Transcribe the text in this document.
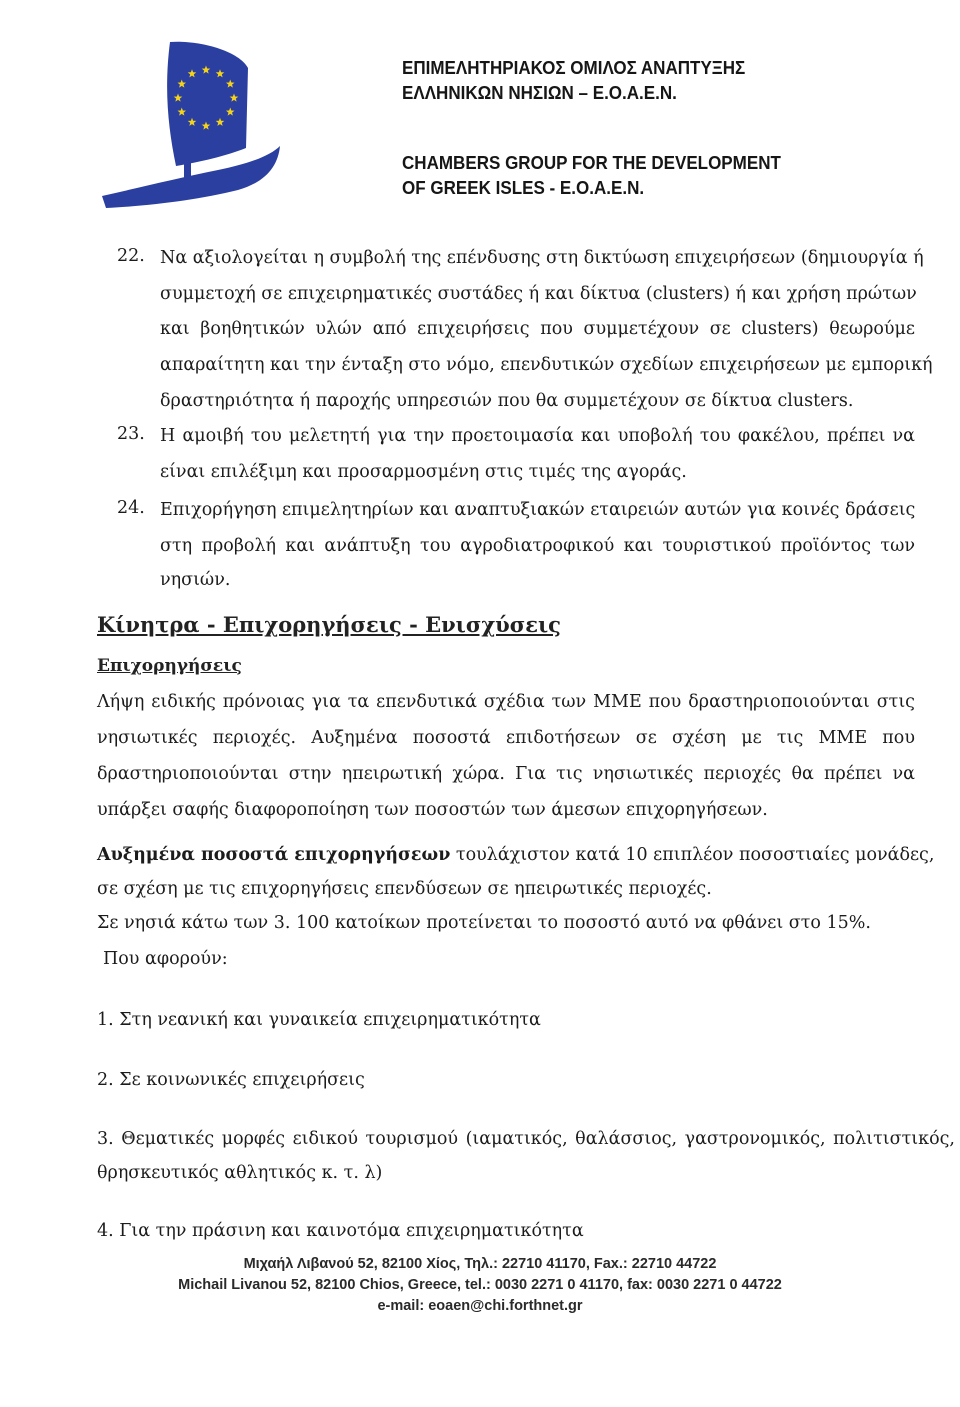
ΕΠΙΜΕΛΗΤΗΡΙΑΚΟΣ ΟΜΙΛΟΣ ΑΝΑΠΤΥΞΗΣ
ΕΛΛΗΝΙΚΩΝ ΝΗΣΙΩΝ – Ε.Ο.Α.Ε.Ν.
CHAMBERS GROUP FOR THE DEVELOPMENT
OF GREEK ISLES - E.O.A.E.N.
22. Να αξιολογείται η συμβολή της επένδυσης στη δικτύωση επιχειρήσεων (δημιουργία ή
συμμετοχή σε επιχειρηματικές συστάδες ή και δίκτυα (clusters) ή και χρήση πρώτων
και βοηθητικών υλών από επιχειρήσεις που συμμετέχουν σε clusters) θεωρούμε
απαραίτητη και την ένταξη στο νόμο, επενδυτικών σχεδίων επιχειρήσεων με εμπορική
δραστηριότητα ή παροχής υπηρεσιών που θα συμμετέχουν σε δίκτυα clusters.
23. Η αμοιβή του μελετητή για την προετοιμασία και υποβολή του φακέλου, πρέπει να
είναι επιλέξιμη και προσαρμοσμένη στις τιμές της αγοράς.
24. Επιχορήγηση επιμελητηρίων και αναπτυξιακών εταιρειών αυτών για κοινές δράσεις
στη προβολή και ανάπτυξη του αγροδιατροφικού και τουριστικού προϊόντος των
νησιών.
Κίνητρα - Επιχορηγήσεις - Ενισχύσεις
Επιχορηγήσεις
Λήψη ειδικής πρόνοιας για τα επενδυτικά σχέδια των ΜΜΕ που δραστηριοποιούνται στις
νησιωτικές περιοχές. Αυξημένα ποσοστά επιδοτήσεων σε σχέση με τις ΜΜΕ που
δραστηριοποιούνται στην ηπειρωτική χώρα. Για τις νησιωτικές περιοχές θα πρέπει να
υπάρξει σαφής διαφοροποίηση των ποσοστών των άμεσων επιχορηγήσεων.
Αυξημένα ποσοστά επιχορηγήσεων τουλάχιστον κατά 10 επιπλέον ποσοστιαίες μονάδες,
σε σχέση με τις επιχορηγήσεις επενδύσεων σε ηπειρωτικές περιοχές.
Σε νησιά κάτω των 3. 100 κατοίκων προτείνεται το ποσοστό αυτό να φθάνει στο 15%.
Που αφορούν:
1. Στη νεανική και γυναικεία επιχειρηματικότητα
2. Σε κοινωνικές επιχειρήσεις
3. Θεματικές μορφές ειδικού τουρισμού (ιαματικός, θαλάσσιος, γαστρονομικός, πολιτιστικός,
θρησκευτικός αθλητικός κ. τ. λ)
4. Για την πράσινη και καινοτόμα επιχειρηματικότητα
Μιχαήλ Λιβανού 52, 82100 Χίος, Τηλ.: 22710 41170, Fax.: 22710 44722
Michail Livanou 52, 82100 Chios, Greece, tel.: 0030 2271 0 41170, fax: 0030 2271 0 44722
e-mail: eoaen@chi.forthnet.gr
